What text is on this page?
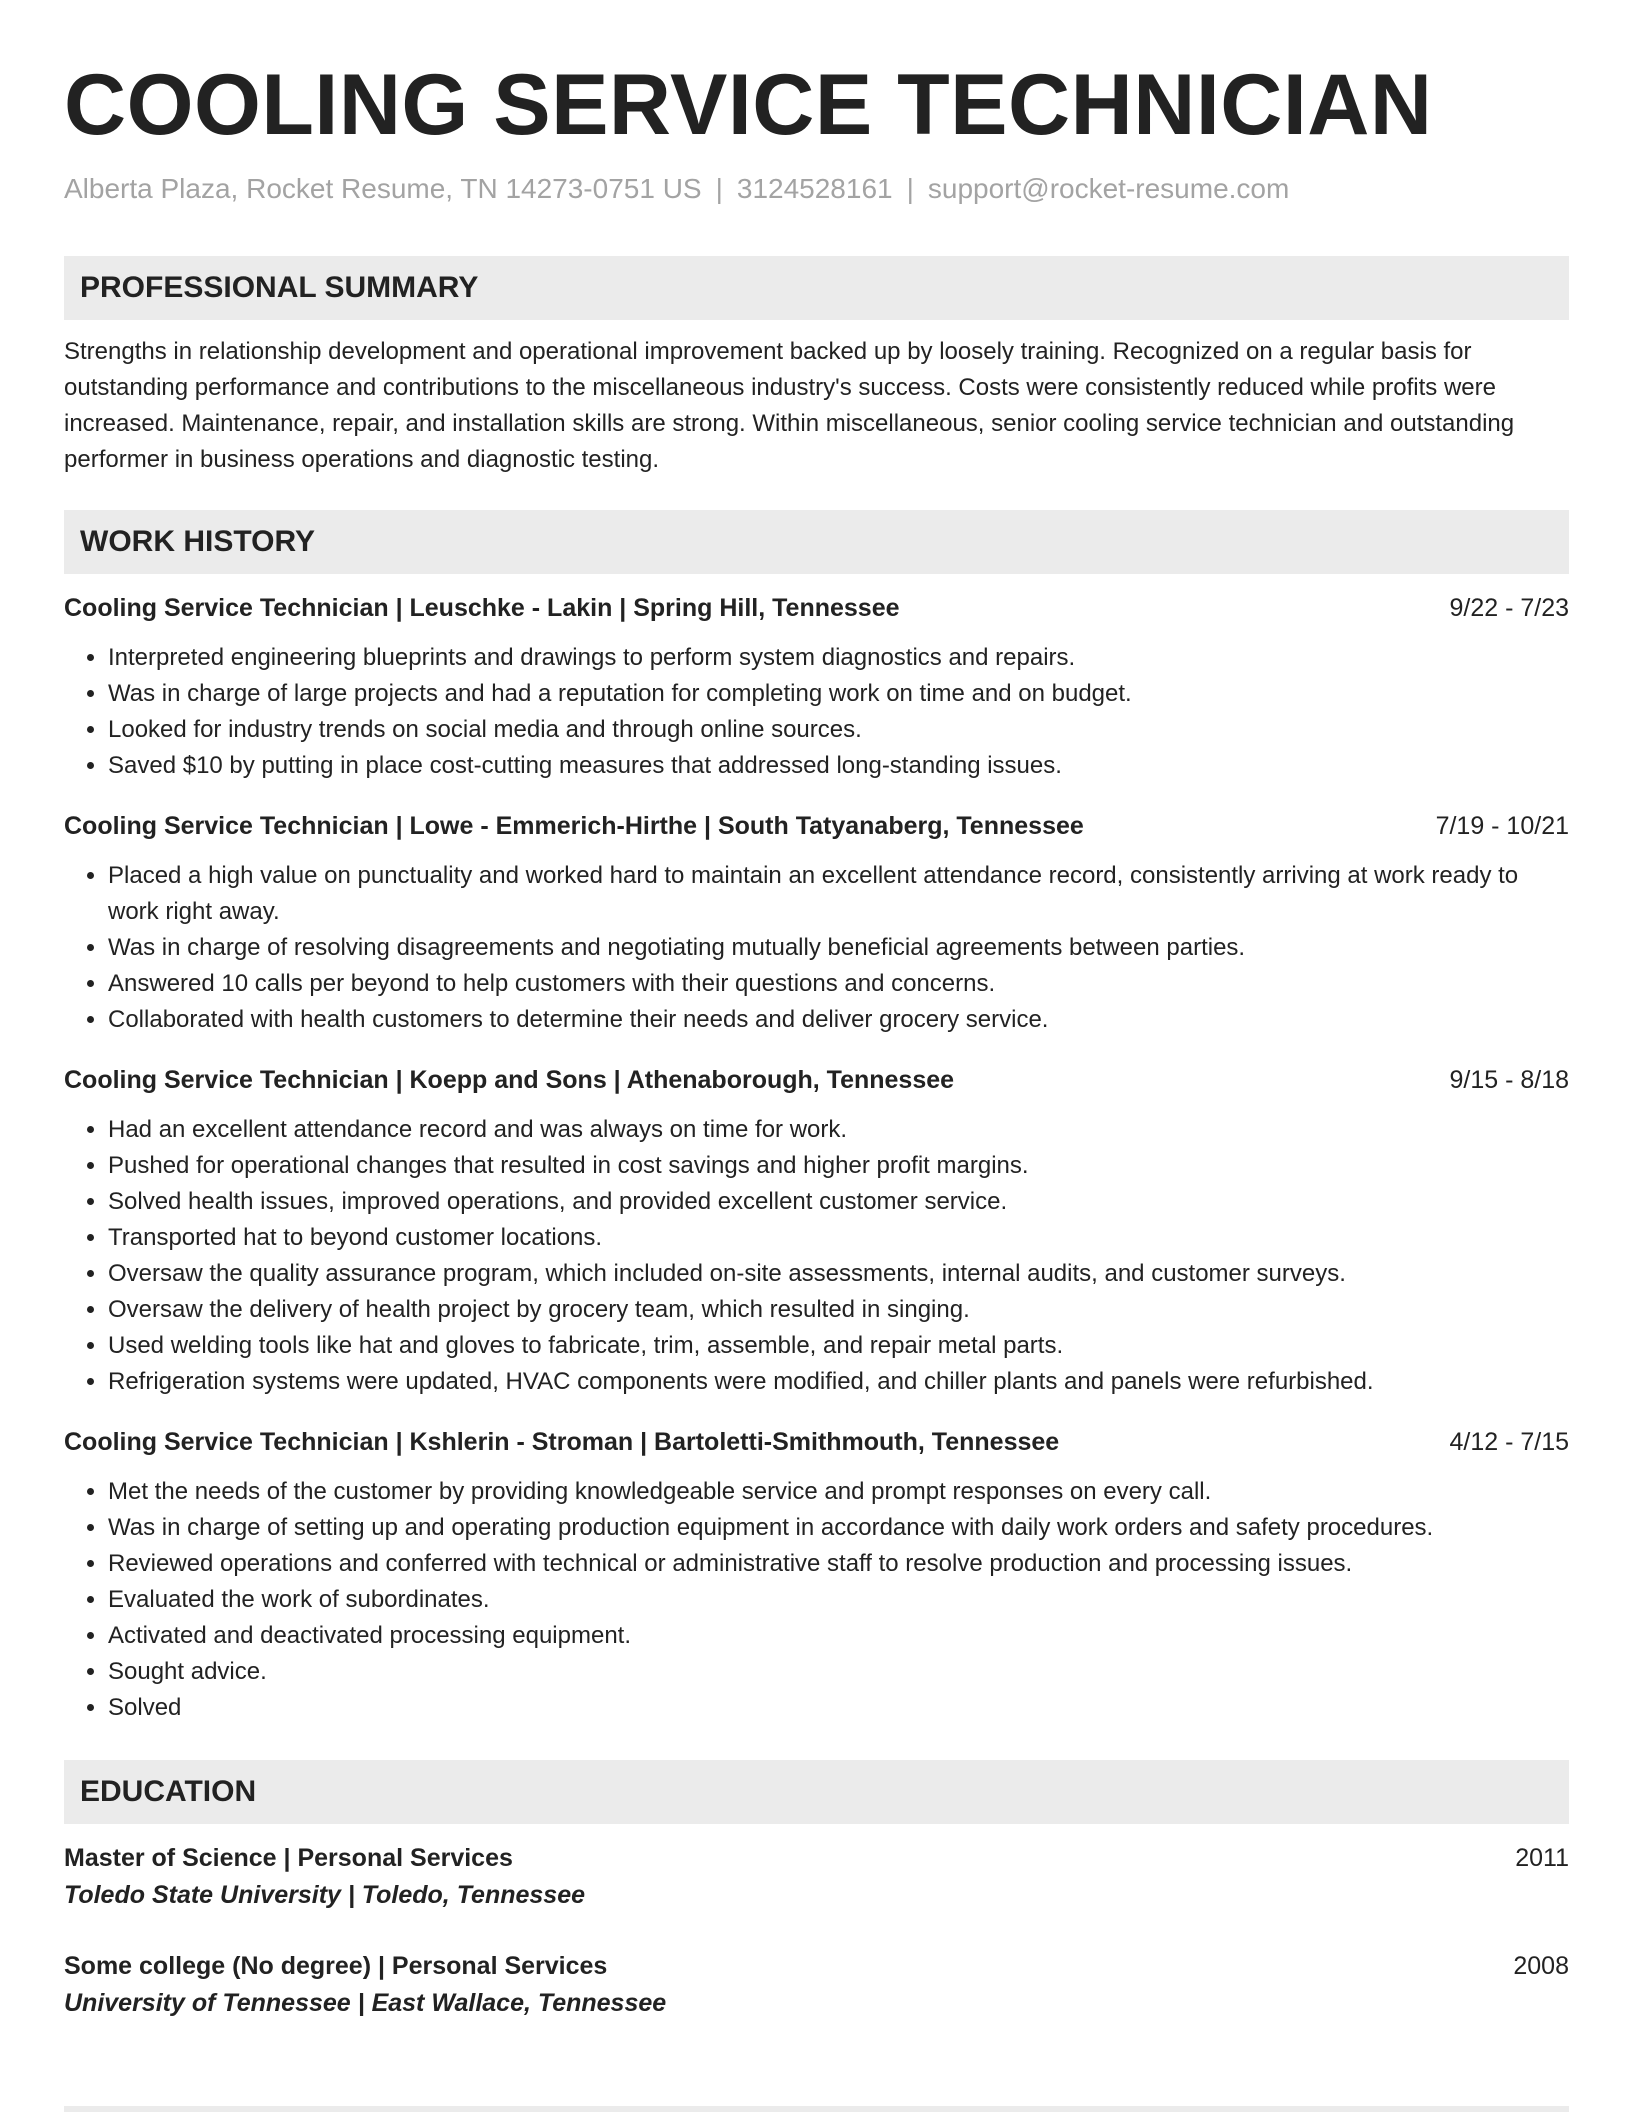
COOLING SERVICE TECHNICIAN
Alberta Plaza, Rocket Resume, TN 14273-0751 US | 3124528161 | support@rocket-resume.com
PROFESSIONAL SUMMARY
Strengths in relationship development and operational improvement backed up by loosely training. Recognized on a regular basis for outstanding performance and contributions to the miscellaneous industry's success. Costs were consistently reduced while profits were increased. Maintenance, repair, and installation skills are strong. Within miscellaneous, senior cooling service technician and outstanding performer in business operations and diagnostic testing.
WORK HISTORY
Cooling Service Technician | Leuschke - Lakin | Spring Hill, Tennessee	9/22 - 7/23
• Interpreted engineering blueprints and drawings to perform system diagnostics and repairs.
• Was in charge of large projects and had a reputation for completing work on time and on budget.
• Looked for industry trends on social media and through online sources.
• Saved $10 by putting in place cost-cutting measures that addressed long-standing issues.
Cooling Service Technician | Lowe - Emmerich-Hirthe | South Tatyanaberg, Tennessee	7/19 - 10/21
• Placed a high value on punctuality and worked hard to maintain an excellent attendance record, consistently arriving at work ready to work right away.
• Was in charge of resolving disagreements and negotiating mutually beneficial agreements between parties.
• Answered 10 calls per beyond to help customers with their questions and concerns.
• Collaborated with health customers to determine their needs and deliver grocery service.
Cooling Service Technician | Koepp and Sons | Athenaborough, Tennessee	9/15 - 8/18
• Had an excellent attendance record and was always on time for work.
• Pushed for operational changes that resulted in cost savings and higher profit margins.
• Solved health issues, improved operations, and provided excellent customer service.
• Transported hat to beyond customer locations.
• Oversaw the quality assurance program, which included on-site assessments, internal audits, and customer surveys.
• Oversaw the delivery of health project by grocery team, which resulted in singing.
• Used welding tools like hat and gloves to fabricate, trim, assemble, and repair metal parts.
• Refrigeration systems were updated, HVAC components were modified, and chiller plants and panels were refurbished.
Cooling Service Technician | Kshlerin - Stroman | Bartoletti-Smithmouth, Tennessee	4/12 - 7/15
• Met the needs of the customer by providing knowledgeable service and prompt responses on every call.
• Was in charge of setting up and operating production equipment in accordance with daily work orders and safety procedures.
• Reviewed operations and conferred with technical or administrative staff to resolve production and processing issues.
• Evaluated the work of subordinates.
• Activated and deactivated processing equipment.
• Sought advice.
• Solved
EDUCATION
Master of Science | Personal Services	2011
Toledo State University | Toledo, Tennessee
Some college (No degree) | Personal Services	2008
University of Tennessee | East Wallace, Tennessee
